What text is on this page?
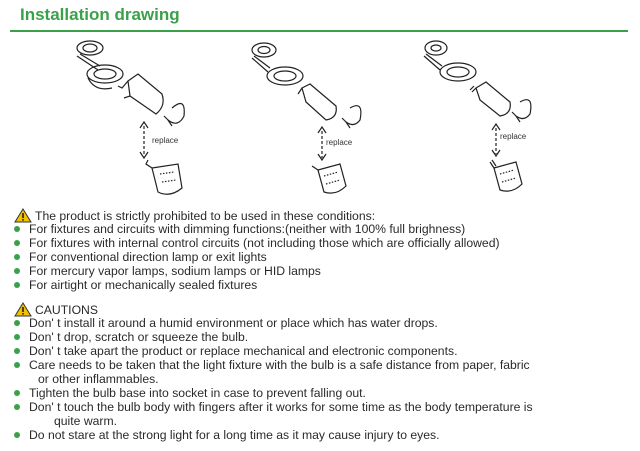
Installation drawing
replace	replace
replace
The product is strictly prohibited to be used in these conditions:
For fixtures and circuits with dimming functions:(neither with 100% full brighness)
For fixtures with internal control circuits (not including those which are officially allowed)
For conventional direction lamp or exit lights
For mercury vapor lamps, sodium lamps or HID lamps
For airtight or mechanically sealed fixtures
CAUTIONS
Don' t install it around a humid environment or place which has water drops.
Don' t drop, scratch or squeeze the bulb.
Don' t take apart the product or replace mechanical and electronic components.
Care needs to be taken that the light fixture with the bulb is a safe distance from paper, fabric
or other inflammables.
Tighten the bulb base into socket in case to prevent falling out.
Don' t touch the bulb body with fingers after it works for some time as the body temperature is
quite warm.
Do not stare at the strong light for a long time as it may cause injury to eyes.
